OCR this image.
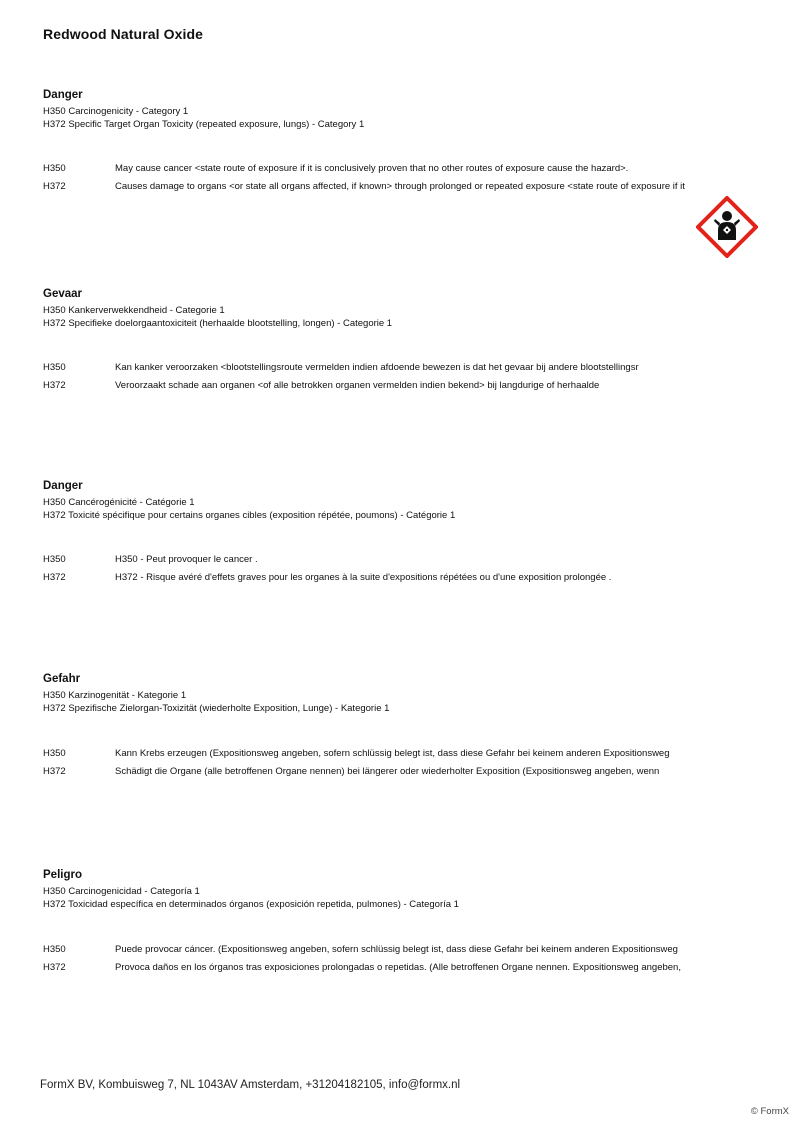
Redwood Natural Oxide
Danger
H350 Carcinogenicity - Category 1
H372 Specific Target Organ Toxicity (repeated exposure, lungs) - Category 1
H350	May cause cancer <state route of exposure if it is conclusively proven that no other routes of exposure cause the hazard>.
H372	Causes damage to organs <or state all organs affected, if known> through prolonged or repeated exposure <state route of exposure if it
Gevaar
H350 Kankerverwekkendheid - Categorie 1
H372 Specifieke doelorgaantoxiciteit (herhaalde blootstelling, longen) - Categorie 1
H350	Kan kanker veroorzaken <blootstellingsroute vermelden indien afdoende bewezen is dat het gevaar bij andere blootstellingsr
H372	Veroorzaakt schade aan organen <of alle betrokken organen vermelden indien bekend> bij langdurige of herhaalde
Danger
H350 Cancérogénicité - Catégorie 1
H372 Toxicité spécifique pour certains organes cibles (exposition répétée, poumons) - Catégorie 1
H350	H350 - Peut provoquer le cancer .
H372	H372 - Risque avéré d'effets graves pour les organes à la suite d'expositions répétées ou d'une exposition prolongée .
Gefahr
H350 Karzinogenität - Kategorie 1
H372 Spezifische Zielorgan-Toxizität (wiederholte Exposition, Lunge) - Kategorie 1
H350	Kann Krebs erzeugen (Expositionsweg angeben, sofern schlüssig belegt ist, dass diese Gefahr bei keinem anderen Expositionsweg
H372	Schädigt die Organe (alle betroffenen Organe nennen) bei längerer oder wiederholter Exposition (Expositionsweg angeben, wenn
Peligro
H350 Carcinogenicidad - Categoría 1
H372 Toxicidad específica en determinados órganos (exposición repetida, pulmones) - Categoría 1
H350	Puede provocar cáncer. (Expositionsweg angeben, sofern schlüssig belegt ist, dass diese Gefahr bei keinem anderen Expositionsweg
H372	Provoca daños en los órganos tras exposiciones prolongadas o repetidas. (Alle betroffenen Organe nennen. Expositionsweg angeben,
FormX BV, Kombuisweg 7, NL 1043AV Amsterdam, +31204182105, info@formx.nl
© FormX
